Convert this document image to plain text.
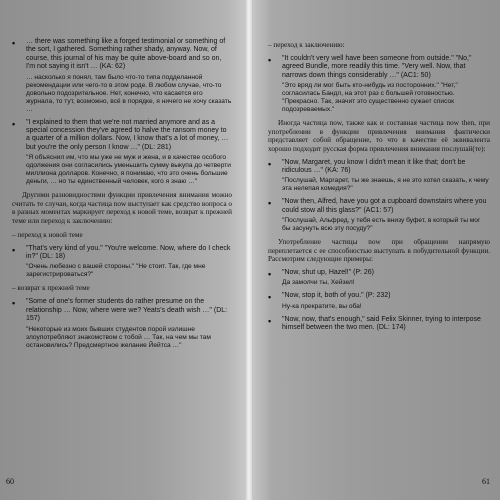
•	… there was something like a forged testimonial or something of the sort, I gathered. Something rather shady, anyway. Now, of course, this journal of his may be quite above-board and so on, I'm not saying it isn't … (KA: 62)
… насколько я понял, там было что-то типа подделанной рекомендации или чего-то в этом роде. В любом случае, что-то довольно подозрительное. Нет, конечно, что касается его журнала, то тут, возможно, всё в порядке, я ничего не хочу сказать …
•	"I explained to them that we're not married anymore and as a special concession they've agreed to halve the ransom money to a quarter of a million dollars. Now, I know that's a lot of money, … but you're the only person I know …" (DL: 281)
"Я объяснил им, что мы уже не муж и жена, и в качестве особого одолжения они согласились уменьшить сумму выкупа до четверти миллиона долларов. Конечно, я понимаю, что это очень большие деньги, … но ты единственный человек, кого я знаю …"
Другими разновидностями функции привлечения внимания можно считать те случаи, когда частица now выступает как средство вопроса о в разных моментах маркирует переход к новой теме, возврат к прежней теме или переход к заключению:
– переход к новой теме
•	"That's very kind of you." "You're welcome. Now, where do I check in?" (DL: 18)
"Очень любезно с вашей стороны." "Не стоит. Так, где мне зарегистрироваться?"
– возврат к прежней теме
•	"Some of one's former students do rather presume on the relationship … Now, where were we? Yeats's death wish …" (DL: 157)
"Некоторые из моих бывших студентов порой излишне злоупотребляют знакомством с тобой … Так, на чем мы там остановились? Предсмертное желание Йейтса …"
60
– переход к заключению:
•	"It couldn't very well have been someone from outside." "No," agreed Bundle, more readily this time. "Very well. Now, that narrows down things considerably …" (AC1: 50)
"Это вряд ли мог быть кто-нибудь из посторонних." "Нет," согласилась Бандл, на этот раз с большей готовностью. "Прекрасно. Так, значит это существенно сужает список подозреваемых."
Иногда частица now, также как и составная частица now then, при употреблении в функции привлечения внимания фактически представляет собой обращение, то что в качестве её эквивалента хорошо подходит русская форма привлечения внимания послушай(те):
•	"Now, Margaret, you know I didn't mean it like that; don't be ridiculous …" (KA: 76)
"Послушай, Маргарет, ты же знаешь, я не это хотел сказать, к чему эта нелепая комедия?"
•	"Now then, Alfred, have you got a cupboard downstairs where you could stow all this glass?" (AC1: 57)
"Послушай, Альфред, у тебя есть внизу буфет, в который ты мог бы засунуть всю эту посуду?"
Употребление частицы now при обращении напрямую переплетается с ее способностью выступать в побудительной функции. Рассмотрим следующие примеры:
•	"Now, shut up, Hazel!" (Р: 26)
Да замолчи ты, Хейзел!
•	"Now, stop it, both of you." (P: 232)
Ну-ка прекратите, вы оба!
•	"Now, now, that's enough," said Felix Skinner, trying to interpose himself between the two men. (DL: 174)
61
